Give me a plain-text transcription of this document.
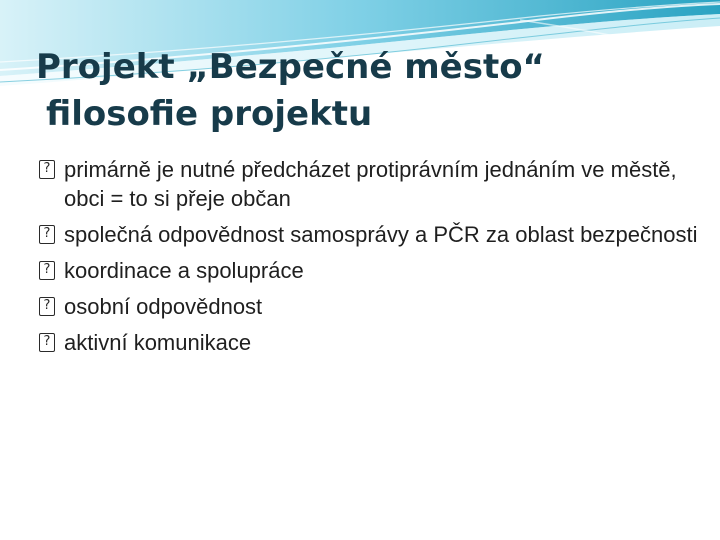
Projekt „Bezpečné město“
filosofie projektu
? primárně je nutné předcházet protiprávním jednáním ve městě, obci = to si přeje občan
? společná odpovědnost samosprávy a PČR za oblast bezpečnosti
? koordinace a spolupráce
? osobní odpovědnost
? aktivní komunikace
